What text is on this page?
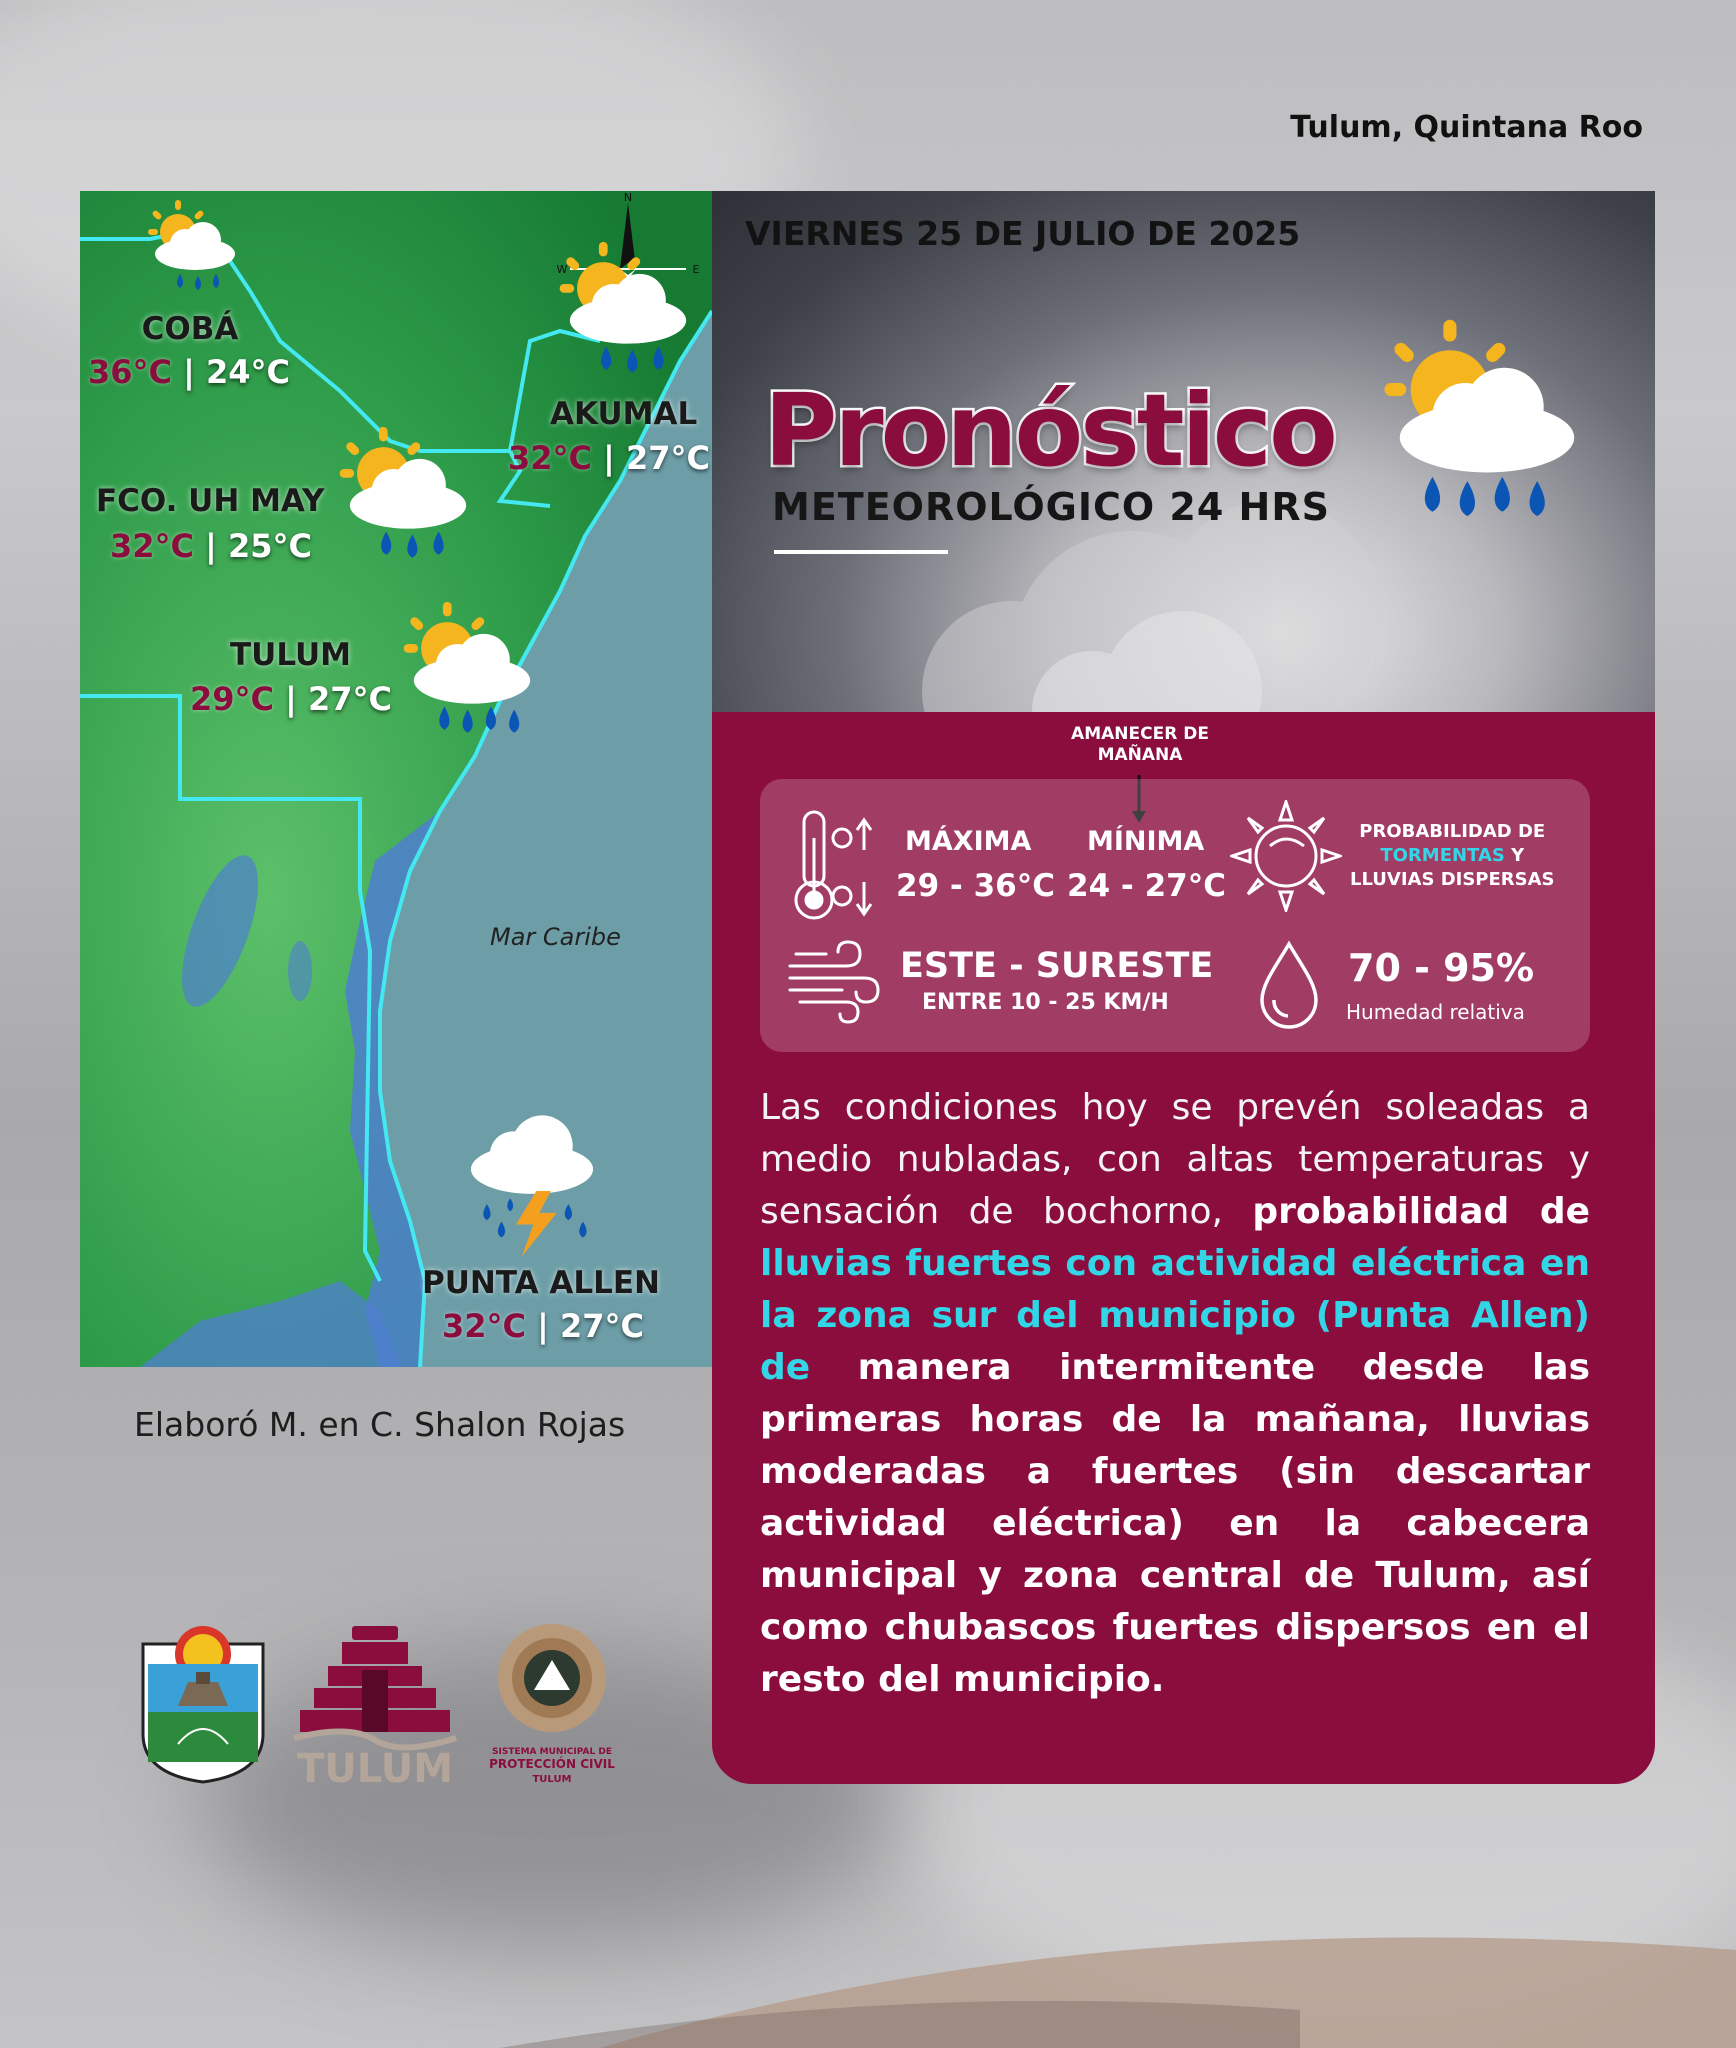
Tulum, Quintana Roo
N
E
W
Mar Caribe
COBÁ
36°C | 24°C
AKUMAL
32°C | 27°C
FCO. UH MAY
32°C | 25°C
TULUM
29°C | 27°C
PUNTA ALLEN
32°C | 27°C
Elaboró M. en C. Shalon Rojas
TULUM	SISTEMA MUNICIPAL DE
PROTECCIÓN CIVIL
TULUM
VIERNES 25 DE JULIO DE 2025
Pronóstico
METEOROLÓGICO 24 HRS
AMANECER DE
MAÑANA
MÁXIMA
29 - 36°C
MÍNIMA
24 - 27°C
PROBABILIDAD DE
TORMENTAS Y
LLUVIAS DISPERSAS
ESTE - SURESTE
ENTRE 10 - 25 KM/H
70 - 95%
Humedad relativa
Las condiciones hoy se prevén soleadas a medio nubladas, con altas temperaturas y sensación de bochorno, probabilidad de lluvias fuertes con actividad eléctrica en la zona sur del municipio (Punta Allen) de manera intermitente desde las primeras horas de la mañana, lluvias moderadas a fuertes (sin descartar actividad eléctrica) en la cabecera municipal y zona central de Tulum, así como chubascos fuertes dispersos en el resto del municipio.
